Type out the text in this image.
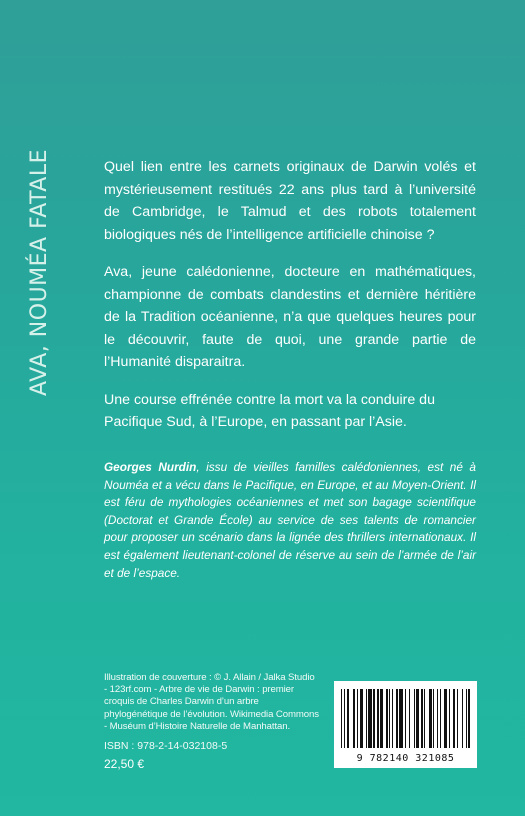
AVA, NOUMÉA FATALE	Quel lien entre les carnets originaux de Darwin volés et mystérieusement restitués 22 ans plus tard à l’université de Cambridge, le Talmud et des robots totalement biologiques nés de l’intelligence artificielle chinoise ?

Ava, jeune calédonienne, docteure en mathématiques, championne de combats clandestins et dernière héritière de la Tradition océanienne, n’a que quelques heures pour le découvrir, faute de quoi, une grande partie de l’Humanité disparaitra.

Une course effrénée contre la mort va la conduire du Pacifique Sud, à l’Europe, en passant par l’Asie.

Georges Nurdin, issu de vieilles familles calédoniennes, est né à Nouméa et a vécu dans le Pacifique, en Europe, et au Moyen-Orient. Il est féru de mythologies océaniennes et met son bagage scientifique (Doctorat et Grande École) au service de ses talents de romancier pour proposer un scénario dans la lignée des thrillers internationaux. Il est également lieutenant-colonel de réserve au sein de l’armée de l’air et de l’espace.
Illustration de couverture : © J. Allain / Jalka Studio - 123rf.com - Arbre de vie de Darwin : premier croquis de Charles Darwin d’un arbre phylogénétique de l’évolution. Wikimedia Commons - Muséum d’Histoire Naturelle de Manhattan.
ISBN : 978-2-14-032108-5
22,50 €	9 782140 321085
